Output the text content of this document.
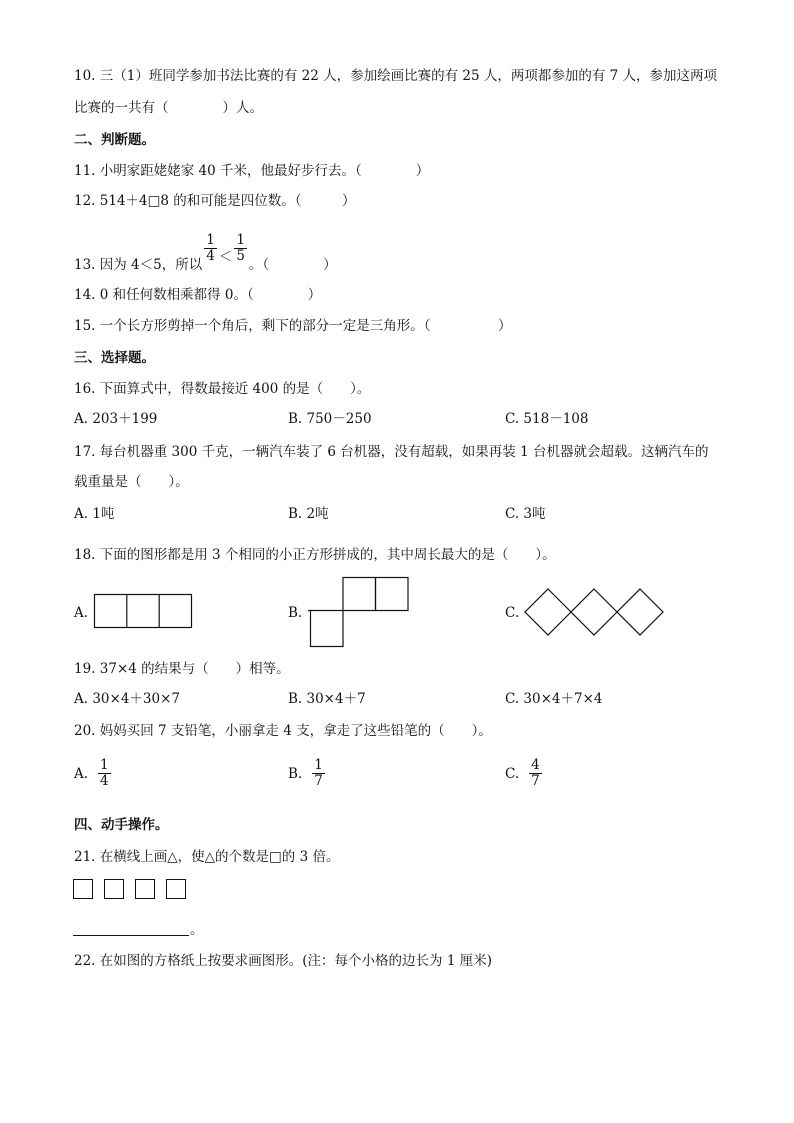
10. 三（1）班同学参加书法比赛的有 22 人，参加绘画比赛的有 25 人，两项都参加的有 7 人，参加这两项
比赛的一共有（　　　　）人。
二、判断题。
11. 小明家距姥姥家 40 千米，他最好步行去。（　　　　）
12. 514＋4□8 的和可能是四位数。（　　　）
13. 因为 4＜5，所以
$\frac{1}{4} < \frac{1}{5}$
。（　　　　）
14. 0 和任何数相乘都得 0。（　　　　）
15. 一个长方形剪掉一个角后，剩下的部分一定是三角形。（　　　　　）
三、选择题。
16. 下面算式中，得数最接近 400 的是（　　）。
A. 203＋199	B. 750－250	C. 518－108
17. 每台机器重 300 千克，一辆汽车装了 6 台机器，没有超载，如果再装 1 台机器就会超载。这辆汽车的
载重量是（　　）。
A. 1吨	B. 2吨	C. 3吨
18. 下面的图形都是用 3 个相同的小正方形拼成的，其中周长最大的是（　　）。
A.	B.	C.
19. 37×4 的结果与（　　）相等。
A. 30×4＋30×7	B. 30×4＋7	C. 30×4＋7×4
20. 妈妈买回 7 支铅笔，小丽拿走 4 支，拿走了这些铅笔的（　　）。
A. $\frac{1}{4}$	B. $\frac{1}{7}$	C. $\frac{4}{7}$
四、动手操作。
21. 在横线上画△，使△的个数是□的 3 倍。
。
22. 在如图的方格纸上按要求画图形。(注：每个小格的边长为 1 厘米)
